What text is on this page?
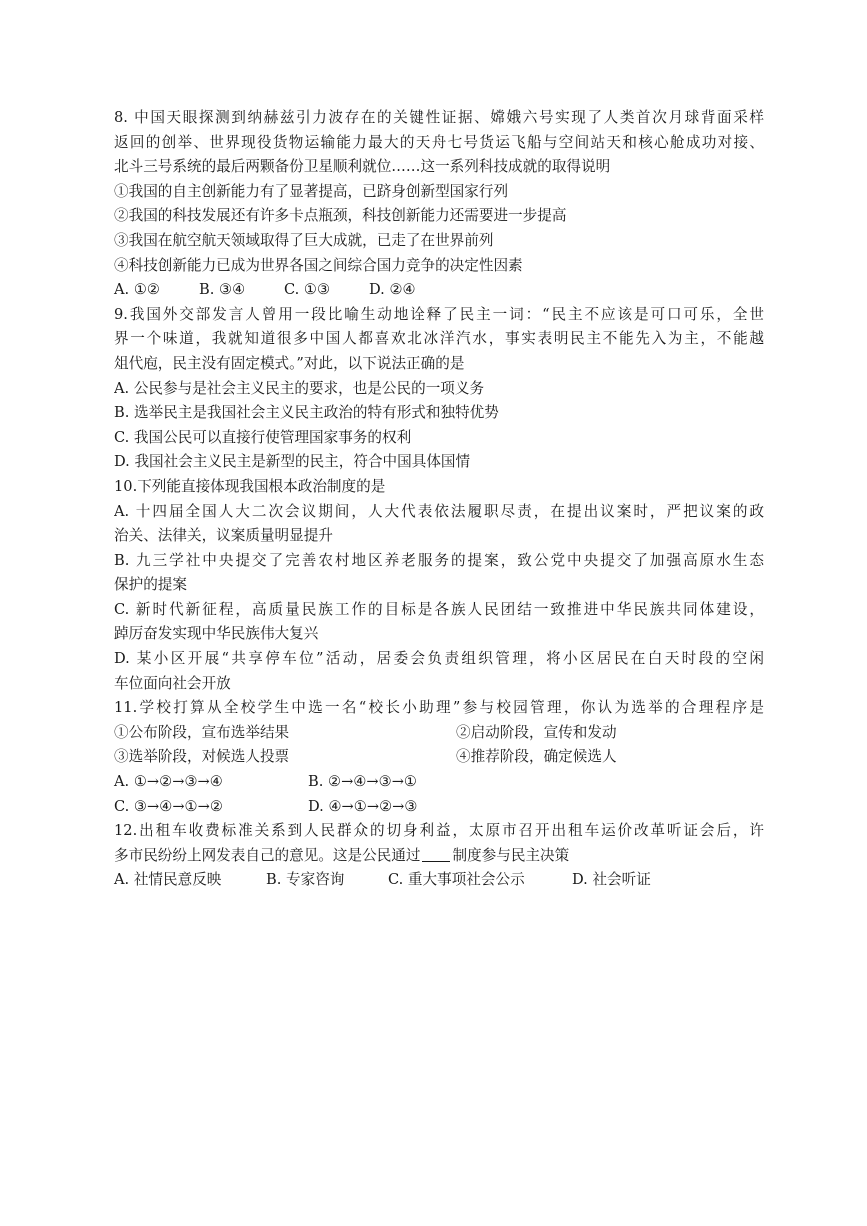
8. 中国天眼探测到纳赫兹引力波存在的关键性证据、嫦娥六号实现了人类首次月球背面采样
返回的创举、世界现役货物运输能力最大的天舟七号货运飞船与空间站天和核心舱成功对接、
北斗三号系统的最后两颗备份卫星顺利就位……这一系列科技成就的取得说明
①我国的自主创新能力有了显著提高，已跻身创新型国家行列
②我国的科技发展还有许多卡点瓶颈，科技创新能力还需要进一步提高
③我国在航空航天领域取得了巨大成就，已走了在世界前列
④科技创新能力已成为世界各国之间综合国力竞争的决定性因素
A. ①②	B. ③④	C. ①③	D. ②④
9.我国外交部发言人曾用一段比喻生动地诠释了民主一词：“民主不应该是可口可乐，全世
界一个味道，我就知道很多中国人都喜欢北冰洋汽水，事实表明民主不能先入为主，不能越
俎代庖，民主没有固定模式。”对此，以下说法正确的是
A. 公民参与是社会主义民主的要求，也是公民的一项义务
B. 选举民主是我国社会主义民主政治的特有形式和独特优势
C. 我国公民可以直接行使管理国家事务的权利
D. 我国社会主义民主是新型的民主，符合中国具体国情
10.下列能直接体现我国根本政治制度的是
A. 十四届全国人大二次会议期间，人大代表依法履职尽责，在提出议案时，严把议案的政
治关、法律关，议案质量明显提升
B. 九三学社中央提交了完善农村地区养老服务的提案，致公党中央提交了加强高原水生态
保护的提案
C. 新时代新征程，高质量民族工作的目标是各族人民团结一致推进中华民族共同体建设，
踔厉奋发实现中华民族伟大复兴
D. 某小区开展“共享停车位”活动，居委会负责组织管理，将小区居民在白天时段的空闲
车位面向社会开放
11.学校打算从全校学生中选一名“校长小助理”参与校园管理，你认为选举的合理程序是
①公布阶段，宣布选举结果	②启动阶段，宣传和发动
③选举阶段，对候选人投票	④推荐阶段，确定候选人
A. ①→②→③→④	B. ②→④→③→①
C. ③→④→①→②	D. ④→①→②→③
12.出租车收费标准关系到人民群众的切身利益，太原市召开出租车运价改革听证会后，许
多市民纷纷上网发表自己的意见。这是公民通过 制度参与民主决策
A. 社情民意反映	B. 专家咨询	C. 重大事项社会公示	D. 社会听证
